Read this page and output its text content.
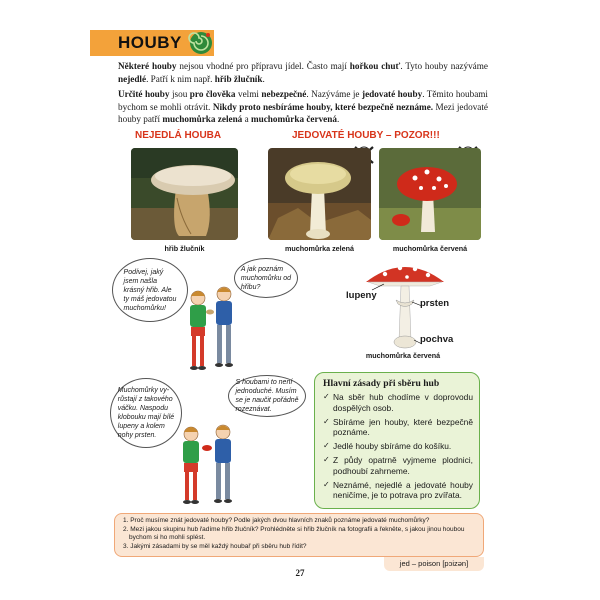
HOUBY
Některé houby nejsou vhodné pro přípravu jídel. Často mají hořkou chuť. Tyto houby nazýváme nejedlé. Patří k nim např. hřib žlučník.
Určité houby jsou pro člověka velmi nebezpečné. Nazýváme je jedovaté houby. Těmito houbami bychom se mohli otrávit. Nikdy proto nesbíráme houby, které bezpečně neznáme. Mezi jedovaté houby patří muchomůrka zelená a muchomůrka červená.
NEJEDLÁ HOUBA	JEDOVATÉ HOUBY – POZOR!!!
hřib žlučník	muchomůrka zelená	muchomůrka červená
Podívej, jaký
jsem našla
krásný hřib. Ale
ty máš jedovatou
muchomůrku!
A jak poznám
muchomůrku od
hřibu?
Muchomůrky vy-
růstají z takového
váčku. Naspodu
klobouku mají bílé
lupeny a kolem
nohy prsten.
S houbami to není
jednoduché. Musím
se je naučit pořádně
rozeznávat.
lupeny
prsten
pochva
muchomůrka červená
Hlavní zásady při sběru hub
✓ Na sběr hub chodíme v doprovodu dospělých osob.
✓ Sbíráme jen houby, které bezpečně poznáme.
✓ Jedlé houby sbíráme do košíku.
✓ Z půdy opatrně vyjmeme plodnici, podhoubí zahrneme.
✓ Neznámé, nejedlé a jedovaté houby neničíme, je to potrava pro zvířata.

1. Proč musíme znát jedovaté houby? Podle jakých dvou hlavních znaků poznáme jedovaté muchomůrky?

2. Mezi jakou skupinu hub řadíme hřib žlučník? Prohlédněte si hřib žlučník na fotografii a řekněte, s jakou jinou houbou

bychom si ho mohli splést.

3. Jakými zásadami by se měl každý houbař při sběru hub řídit?

jed – poison [pɔizən]
27
